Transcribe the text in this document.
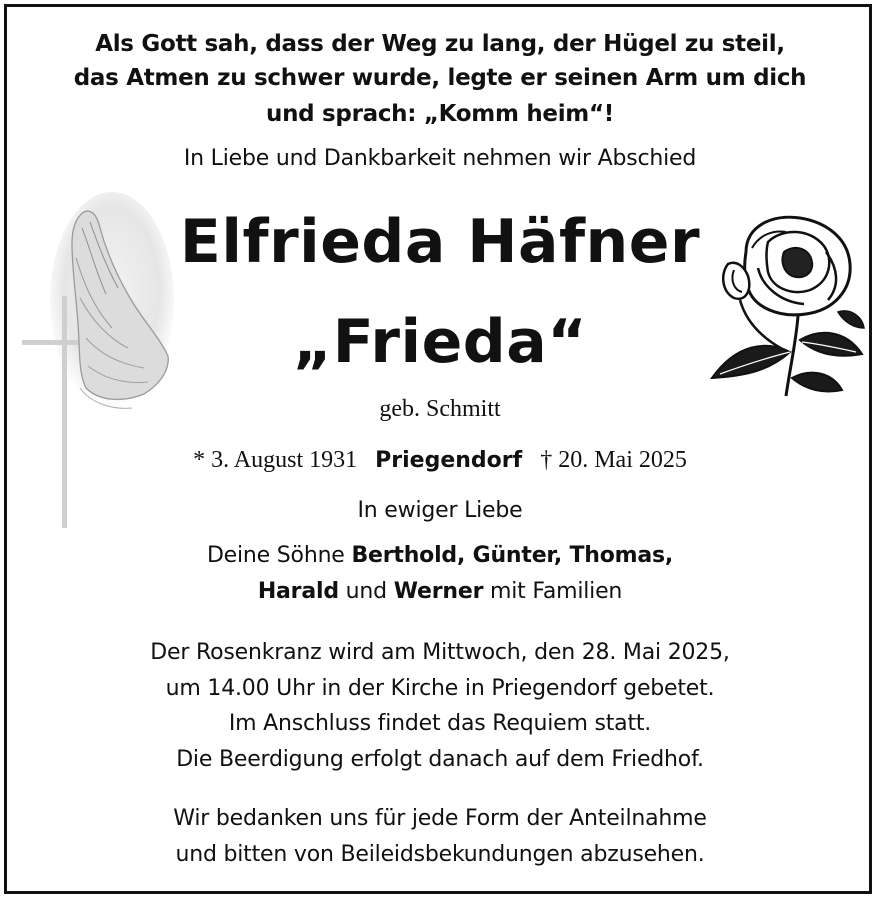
Als Gott sah, dass der Weg zu lang, der Hügel zu steil,
das Atmen zu schwer wurde, legte er seinen Arm um dich
und sprach: „Komm heim“!
In Liebe und Dankbarkeit nehmen wir Abschied
Elfrieda Häfner
„Frieda“
geb. Schmitt
* 3. August 1931 Priegendorf † 20. Mai 2025
In ewiger Liebe
Deine Söhne Berthold, Günter, Thomas,
Harald und Werner mit Familien
Der Rosenkranz wird am Mittwoch, den 28. Mai 2025,
um 14.00 Uhr in der Kirche in Priegendorf gebetet.
Im Anschluss findet das Requiem statt.
Die Beerdigung erfolgt danach auf dem Friedhof.
Wir bedanken uns für jede Form der Anteilnahme
und bitten von Beileidsbekundungen abzusehen.
